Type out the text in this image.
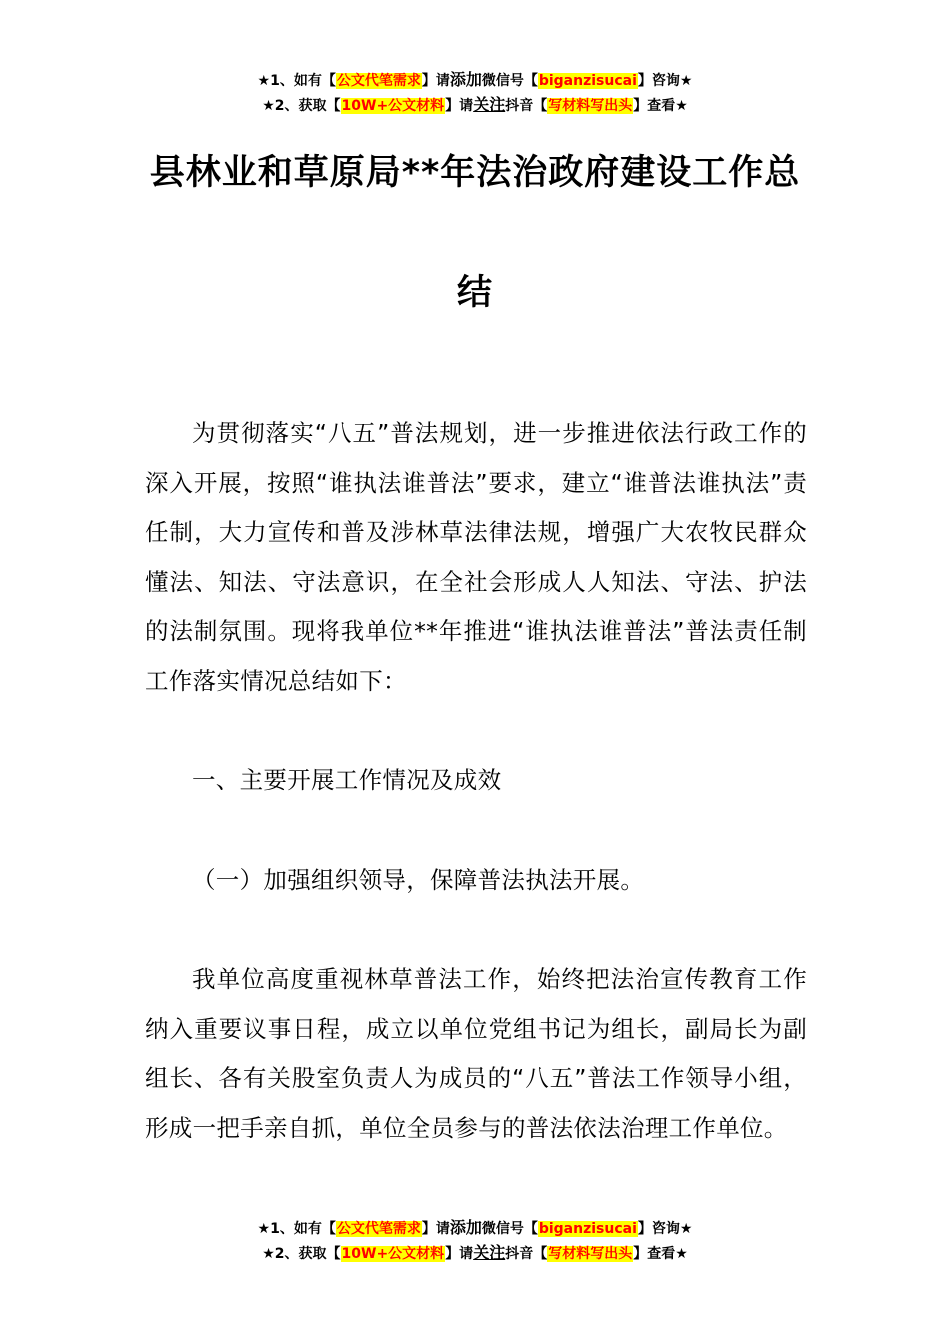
★1、如有【公文代笔需求】请添加微信号【biganzisucai】咨询★
★2、获取【10W+公文材料】请关注抖音【写材料写出头】查看★
县林业和草原局**年法治政府建设工作总
结

为贯彻落实“八五”普法规划，进一步推进依法行政工作的深入开展，按照“谁执法谁普法”要求，建立“谁普法谁执法”责任制，大力宣传和普及涉林草法律法规，增强广大农牧民群众懂法、知法、守法意识，在全社会形成人人知法、守法、护法的法制氛围。现将我单位**年推进“谁执法谁普法”普法责任制工作落实情况总结如下：

一、主要开展工作情况及成效

（一）加强组织领导，保障普法执法开展。

我单位高度重视林草普法工作，始终把法治宣传教育工作纳入重要议事日程，成立以单位党组书记为组长，副局长为副组长、各有关股室负责人为成员的“八五”普法工作领导小组，形成一把手亲自抓，单位全员参与的普法依法治理工作单位。

★1、如有【公文代笔需求】请添加微信号【biganzisucai】咨询★
★2、获取【10W+公文材料】请关注抖音【写材料写出头】查看★
